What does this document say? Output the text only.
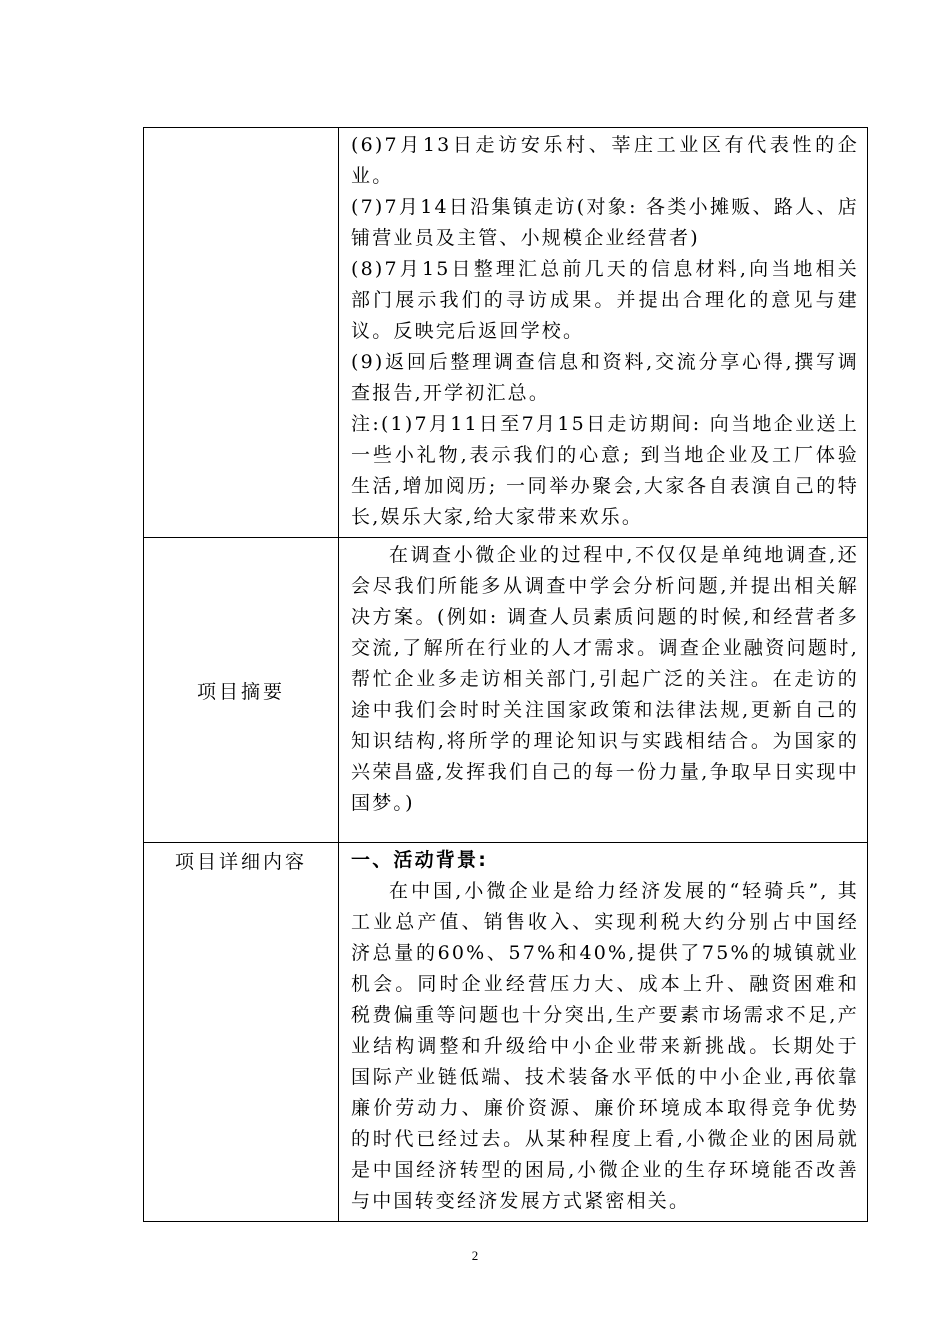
	(6)7月13日走访安乐村、莘庄工业区有代表性的企业。

(7)7月14日沿集镇走访(对象: 各类小摊贩、路人、店铺营业员及主管、小规模企业经营者)

(8)7月15日整理汇总前几天的信息材料,向当地相关部门展示我们的寻访成果。并提出合理化的意见与建议。反映完后返回学校。

(9)返回后整理调查信息和资料,交流分享心得,撰写调查报告,开学初汇总。

注:(1)7月11日至7月15日走访期间: 向当地企业送上一些小礼物,表示我们的心意; 到当地企业及工厂体验生活,增加阅历; 一同举办聚会,大家各自表演自己的特长,娱乐大家,给大家带来欢乐。

项目摘要	在调查小微企业的过程中,不仅仅是单纯地调查,还会尽我们所能多从调查中学会分析问题,并提出相关解决方案。(例如: 调查人员素质问题的时候,和经营者多交流,了解所在行业的人才需求。调查企业融资问题时,帮忙企业多走访相关部门,引起广泛的关注。在走访的途中我们会时时关注国家政策和法律法规,更新自己的知识结构,将所学的理论知识与实践相结合。为国家的兴荣昌盛,发挥我们自己的每一份力量,争取早日实现中国梦。)

项目详细内容	一、活动背景:

在中国,小微企业是给力经济发展的“轻骑兵”, 其工业总产值、销售收入、实现利税大约分别占中国经济总量的60%、57%和40%,提供了75%的城镇就业机会。同时企业经营压力大、成本上升、融资困难和税费偏重等问题也十分突出,生产要素市场需求不足,产业结构调整和升级给中小企业带来新挑战。长期处于国际产业链低端、技术装备水平低的中小企业,再依靠廉价劳动力、廉价资源、廉价环境成本取得竞争优势的时代已经过去。从某种程度上看,小微企业的困局就是中国经济转型的困局,小微企业的生存环境能否改善与中国转变经济发展方式紧密相关。

2
